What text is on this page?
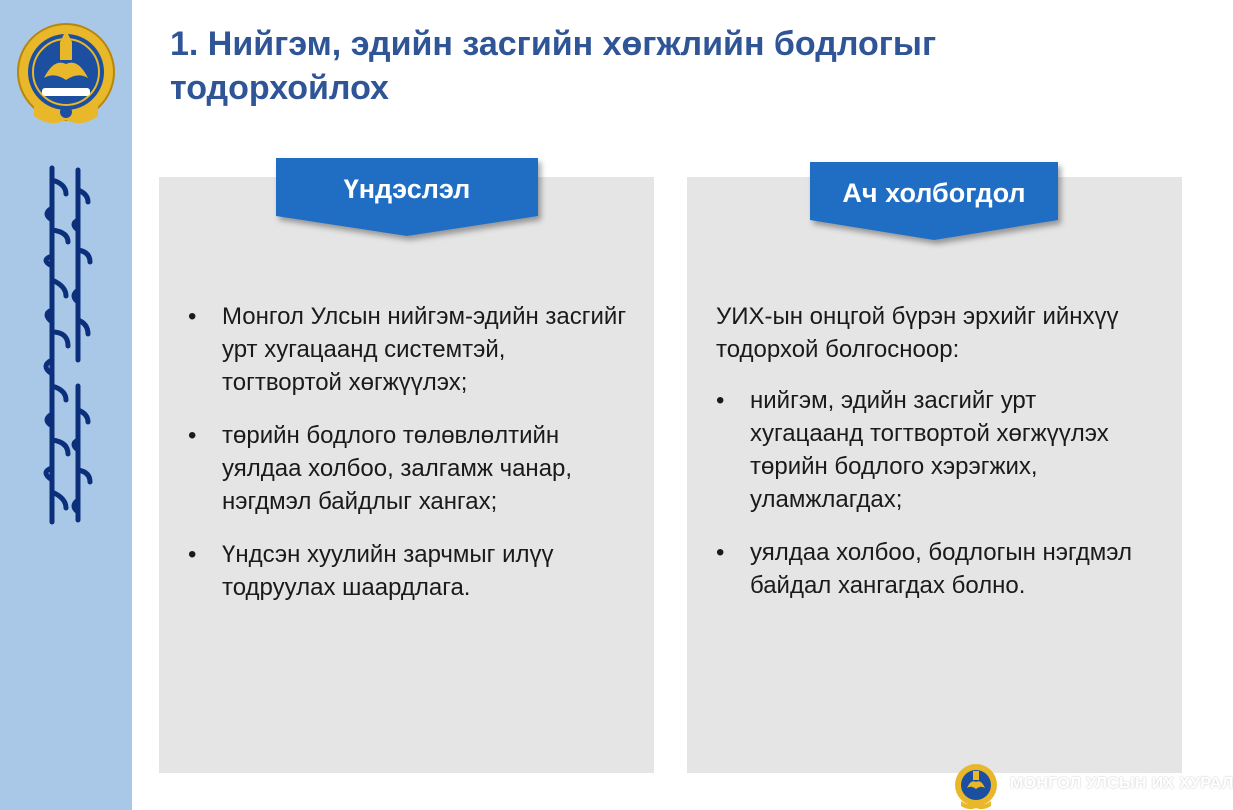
1. Нийгэм, эдийн засгийн хөгжлийн бодлогыг тодорхойлох
Үндэслэл	Ач холбогдол
• Монгол Улсын нийгэм-эдийн засгийг урт хугацаанд системтэй, тогтвортой хөгжүүлэх;
• төрийн бодлого төлөвлөлтийн уялдаа холбоо, залгамж чанар, нэгдмэл байдлыг хангах;
• Үндсэн хуулийн зарчмыг илүү тодруулах шаардлага.

УИХ-ын онцгой бүрэн эрхийг ийнхүү тодорхой болгосноор:

• нийгэм, эдийн засгийг урт хугацаанд тогтвортой хөгжүүлэх төрийн бодлого хэрэгжих, уламжлагдах;
• уялдаа холбоо, бодлогын нэгдмэл байдал хангагдах болно.
МОНГОЛ УЛСЫН ИХ ХУРАЛ
